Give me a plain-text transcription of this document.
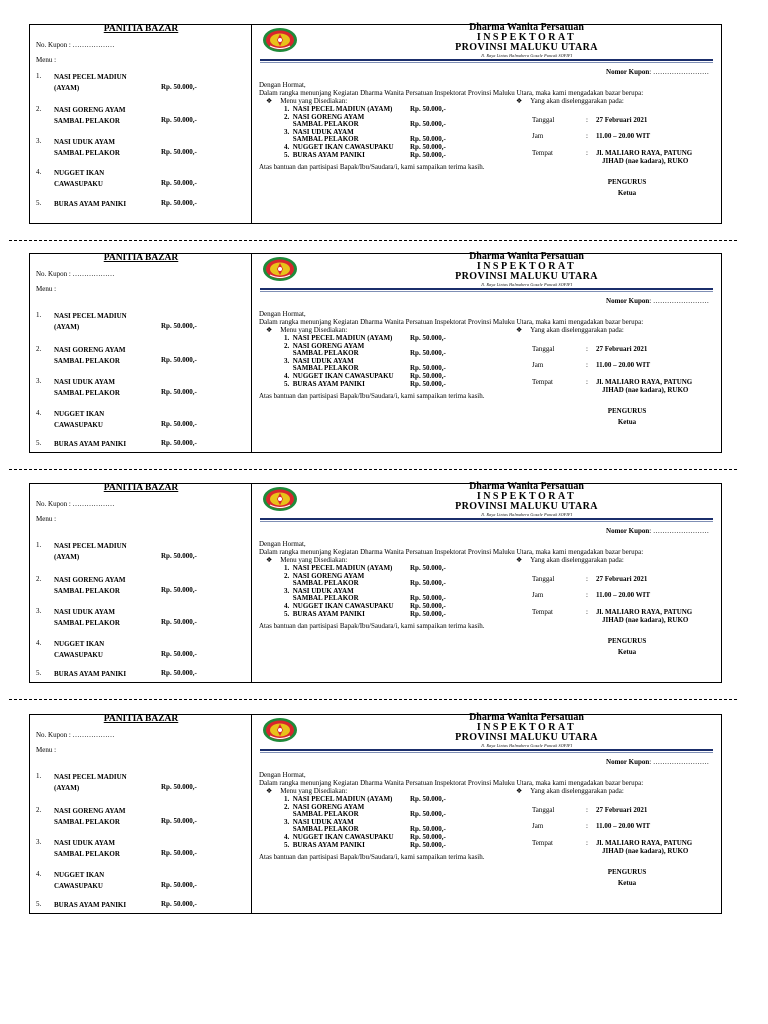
PANITIA BAZAR
No. Kupon : ………………
Menu :
1. NASI PECEL MADIUN
(AYAM)	Rp. 50.000,-
2. NASI GORENG AYAM
SAMBAL PELAKOR	Rp. 50.000,-
3. NASI UDUK AYAM
SAMBAL PELAKOR	Rp. 50.000,-
4. NUGGET IKAN
CAWASUPAKU	Rp. 50.000,-
5. BURAS AYAM PANIKI	Rp. 50.000,-
Dharma Wanita Persatuan
INSPEKTORAT
PROVINSI MALUKU UTARA
Jl. Raya Lintas Halmahera Gosale Puncak SOFIFI
Nomor Kupon: ……………………
Dengan Hormat,
Dalam rangka menunjang Kegiatan Dharma Wanita Persatuan Inspektorat Provinsi Maluku Utara, maka kami mengadakan bazar berupa:
❖ Menu yang Disediakan:
1.  NASI PECEL MADIUN (AYAM)	Rp. 50.000,-
2.  NASI GORENG AYAM
SAMBAL PELAKOR	Rp. 50.000,-
3.  NASI UDUK AYAM
SAMBAL PELAKOR	Rp. 50.000,-
4.  NUGGET IKAN CAWASUPAKU Rp. 50.000,-
5.  BURAS AYAM PANIKI	Rp. 50.000,-
❖ Yang akan diselenggarakan pada:
Tanggal	: 27 Februari 2021
Jam	: 11.00 – 20.00 WIT
Tempat	: Jl. MALIARO RAYA, PATUNG
JIHAD (nae kadara), RUKO
Atas bantuan dan partisipasi Bapak/Ibu/Saudara/i, kami sampaikan terima kasih.
PENGURUS
Ketua
PANITIA BAZAR
No. Kupon : ………………
Menu :
1. NASI PECEL MADIUN
(AYAM)	Rp. 50.000,-
2. NASI GORENG AYAM
SAMBAL PELAKOR	Rp. 50.000,-
3. NASI UDUK AYAM
SAMBAL PELAKOR	Rp. 50.000,-
4. NUGGET IKAN
CAWASUPAKU	Rp. 50.000,-
5. BURAS AYAM PANIKI	Rp. 50.000,-
Dharma Wanita Persatuan
INSPEKTORAT
PROVINSI MALUKU UTARA
Jl. Raya Lintas Halmahera Gosale Puncak SOFIFI
Nomor Kupon: ……………………
Dengan Hormat,
Dalam rangka menunjang Kegiatan Dharma Wanita Persatuan Inspektorat Provinsi Maluku Utara, maka kami mengadakan bazar berupa:
❖ Menu yang Disediakan:
1.  NASI PECEL MADIUN (AYAM)	Rp. 50.000,-
2.  NASI GORENG AYAM
SAMBAL PELAKOR	Rp. 50.000,-
3.  NASI UDUK AYAM
SAMBAL PELAKOR	Rp. 50.000,-
4.  NUGGET IKAN CAWASUPAKU Rp. 50.000,-
5.  BURAS AYAM PANIKI	Rp. 50.000,-
❖ Yang akan diselenggarakan pada:
Tanggal	: 27 Februari 2021
Jam	: 11.00 – 20.00 WIT
Tempat	: Jl. MALIARO RAYA, PATUNG
JIHAD (nae kadara), RUKO
Atas bantuan dan partisipasi Bapak/Ibu/Saudara/i, kami sampaikan terima kasih.
PENGURUS
Ketua
PANITIA BAZAR
No. Kupon : ………………
Menu :
1. NASI PECEL MADIUN
(AYAM)	Rp. 50.000,-
2. NASI GORENG AYAM
SAMBAL PELAKOR	Rp. 50.000,-
3. NASI UDUK AYAM
SAMBAL PELAKOR	Rp. 50.000,-
4. NUGGET IKAN
CAWASUPAKU	Rp. 50.000,-
5. BURAS AYAM PANIKI	Rp. 50.000,-
Dharma Wanita Persatuan
INSPEKTORAT
PROVINSI MALUKU UTARA
Jl. Raya Lintas Halmahera Gosale Puncak SOFIFI
Nomor Kupon: ……………………
Dengan Hormat,
Dalam rangka menunjang Kegiatan Dharma Wanita Persatuan Inspektorat Provinsi Maluku Utara, maka kami mengadakan bazar berupa:
❖ Menu yang Disediakan:
1.  NASI PECEL MADIUN (AYAM)	Rp. 50.000,-
2.  NASI GORENG AYAM
SAMBAL PELAKOR	Rp. 50.000,-
3.  NASI UDUK AYAM
SAMBAL PELAKOR	Rp. 50.000,-
4.  NUGGET IKAN CAWASUPAKU Rp. 50.000,-
5.  BURAS AYAM PANIKI	Rp. 50.000,-
❖ Yang akan diselenggarakan pada:
Tanggal	: 27 Februari 2021
Jam	: 11.00 – 20.00 WIT
Tempat	: Jl. MALIARO RAYA, PATUNG
JIHAD (nae kadara), RUKO
Atas bantuan dan partisipasi Bapak/Ibu/Saudara/i, kami sampaikan terima kasih.
PENGURUS
Ketua
PANITIA BAZAR
No. Kupon : ………………
Menu :
1. NASI PECEL MADIUN
(AYAM)	Rp. 50.000,-
2. NASI GORENG AYAM
SAMBAL PELAKOR	Rp. 50.000,-
3. NASI UDUK AYAM
SAMBAL PELAKOR	Rp. 50.000,-
4. NUGGET IKAN
CAWASUPAKU	Rp. 50.000,-
5. BURAS AYAM PANIKI	Rp. 50.000,-
Dharma Wanita Persatuan
INSPEKTORAT
PROVINSI MALUKU UTARA
Jl. Raya Lintas Halmahera Gosale Puncak SOFIFI
Nomor Kupon: ……………………
Dengan Hormat,
Dalam rangka menunjang Kegiatan Dharma Wanita Persatuan Inspektorat Provinsi Maluku Utara, maka kami mengadakan bazar berupa:
❖ Menu yang Disediakan:
1.  NASI PECEL MADIUN (AYAM)	Rp. 50.000,-
2.  NASI GORENG AYAM
SAMBAL PELAKOR	Rp. 50.000,-
3.  NASI UDUK AYAM
SAMBAL PELAKOR	Rp. 50.000,-
4.  NUGGET IKAN CAWASUPAKU Rp. 50.000,-
5.  BURAS AYAM PANIKI	Rp. 50.000,-
❖ Yang akan diselenggarakan pada:
Tanggal	: 27 Februari 2021
Jam	: 11.00 – 20.00 WIT
Tempat	: Jl. MALIARO RAYA, PATUNG
JIHAD (nae kadara), RUKO
Atas bantuan dan partisipasi Bapak/Ibu/Saudara/i, kami sampaikan terima kasih.
PENGURUS
Ketua
